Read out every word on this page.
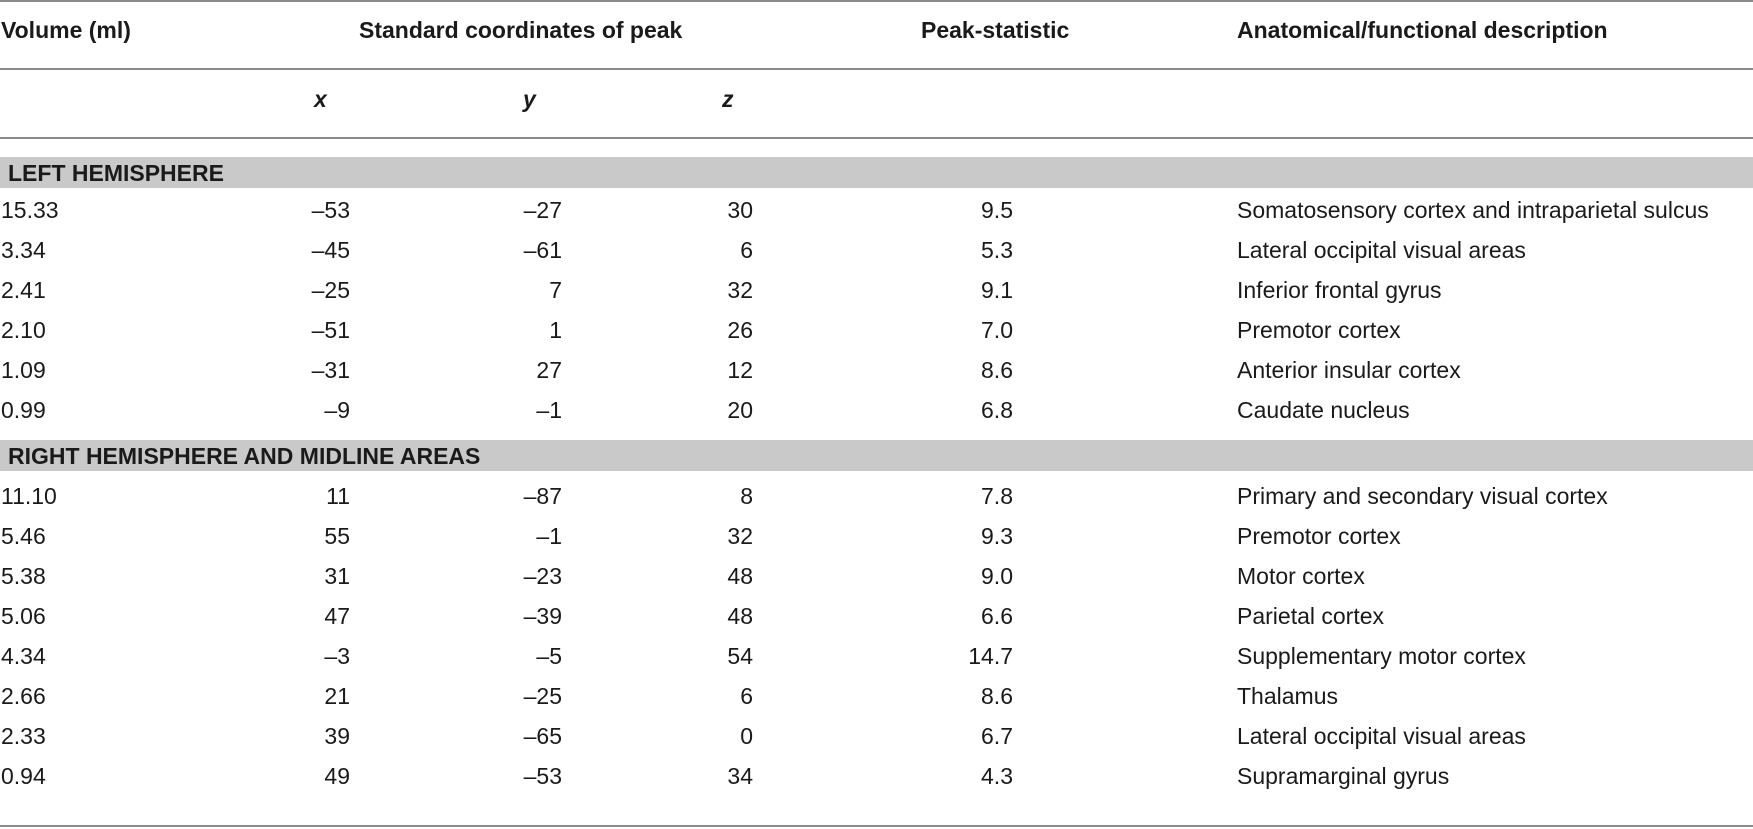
Volume (ml)	Standard coordinates of peak	Peak-statistic	Anatomical/functional description
x	y	z
LEFT HEMISPHERE
15.33	–53	–27	30	9.5	Somatosensory cortex and intraparietal sulcus
3.34	–45	–61	6	5.3	Lateral occipital visual areas
2.41	–25	7	32	9.1	Inferior frontal gyrus
2.10	–51	1	26	7.0	Premotor cortex
1.09	–31	27	12	8.6	Anterior insular cortex
0.99	–9	–1	20	6.8	Caudate nucleus
RIGHT HEMISPHERE AND MIDLINE AREAS
11.10	11	–87	8	7.8	Primary and secondary visual cortex
5.46	55	–1	32	9.3	Premotor cortex
5.38	31	–23	48	9.0	Motor cortex
5.06	47	–39	48	6.6	Parietal cortex
4.34	–3	–5	54	14.7	Supplementary motor cortex
2.66	21	–25	6	8.6	Thalamus
2.33	39	–65	0	6.7	Lateral occipital visual areas
0.94	49	–53	34	4.3	Supramarginal gyrus
